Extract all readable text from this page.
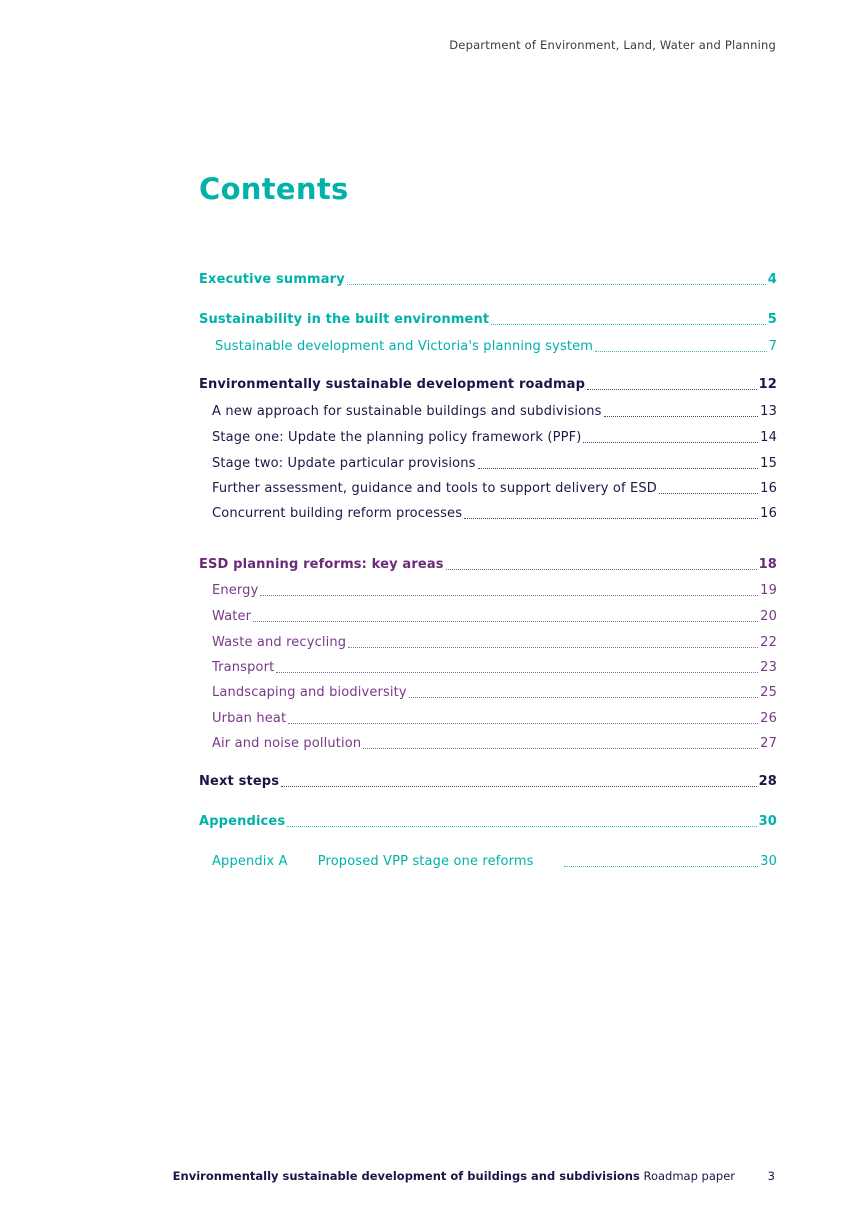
Department of Environment, Land, Water and Planning
Contents
Executive summary	4
Sustainability in the built environment	5
Sustainable development and Victoria's planning system	7
Environmentally sustainable development roadmap	12
A new approach for sustainable buildings and subdivisions	13
Stage one: Update the planning policy framework (PPF)	14
Stage two: Update particular provisions	15
Further assessment, guidance and tools to support delivery of ESD	16
Concurrent building reform processes	16
ESD planning reforms: key areas	18
Energy	19
Water	20
Waste and recycling	22
Transport	23
Landscaping and biodiversity	25
Urban heat	26
Air and noise pollution	27
Next steps	28
Appendices	30
Appendix A Proposed VPP stage one reforms	30
Environmentally sustainable development of buildings and subdivisions Roadmap paper	3
